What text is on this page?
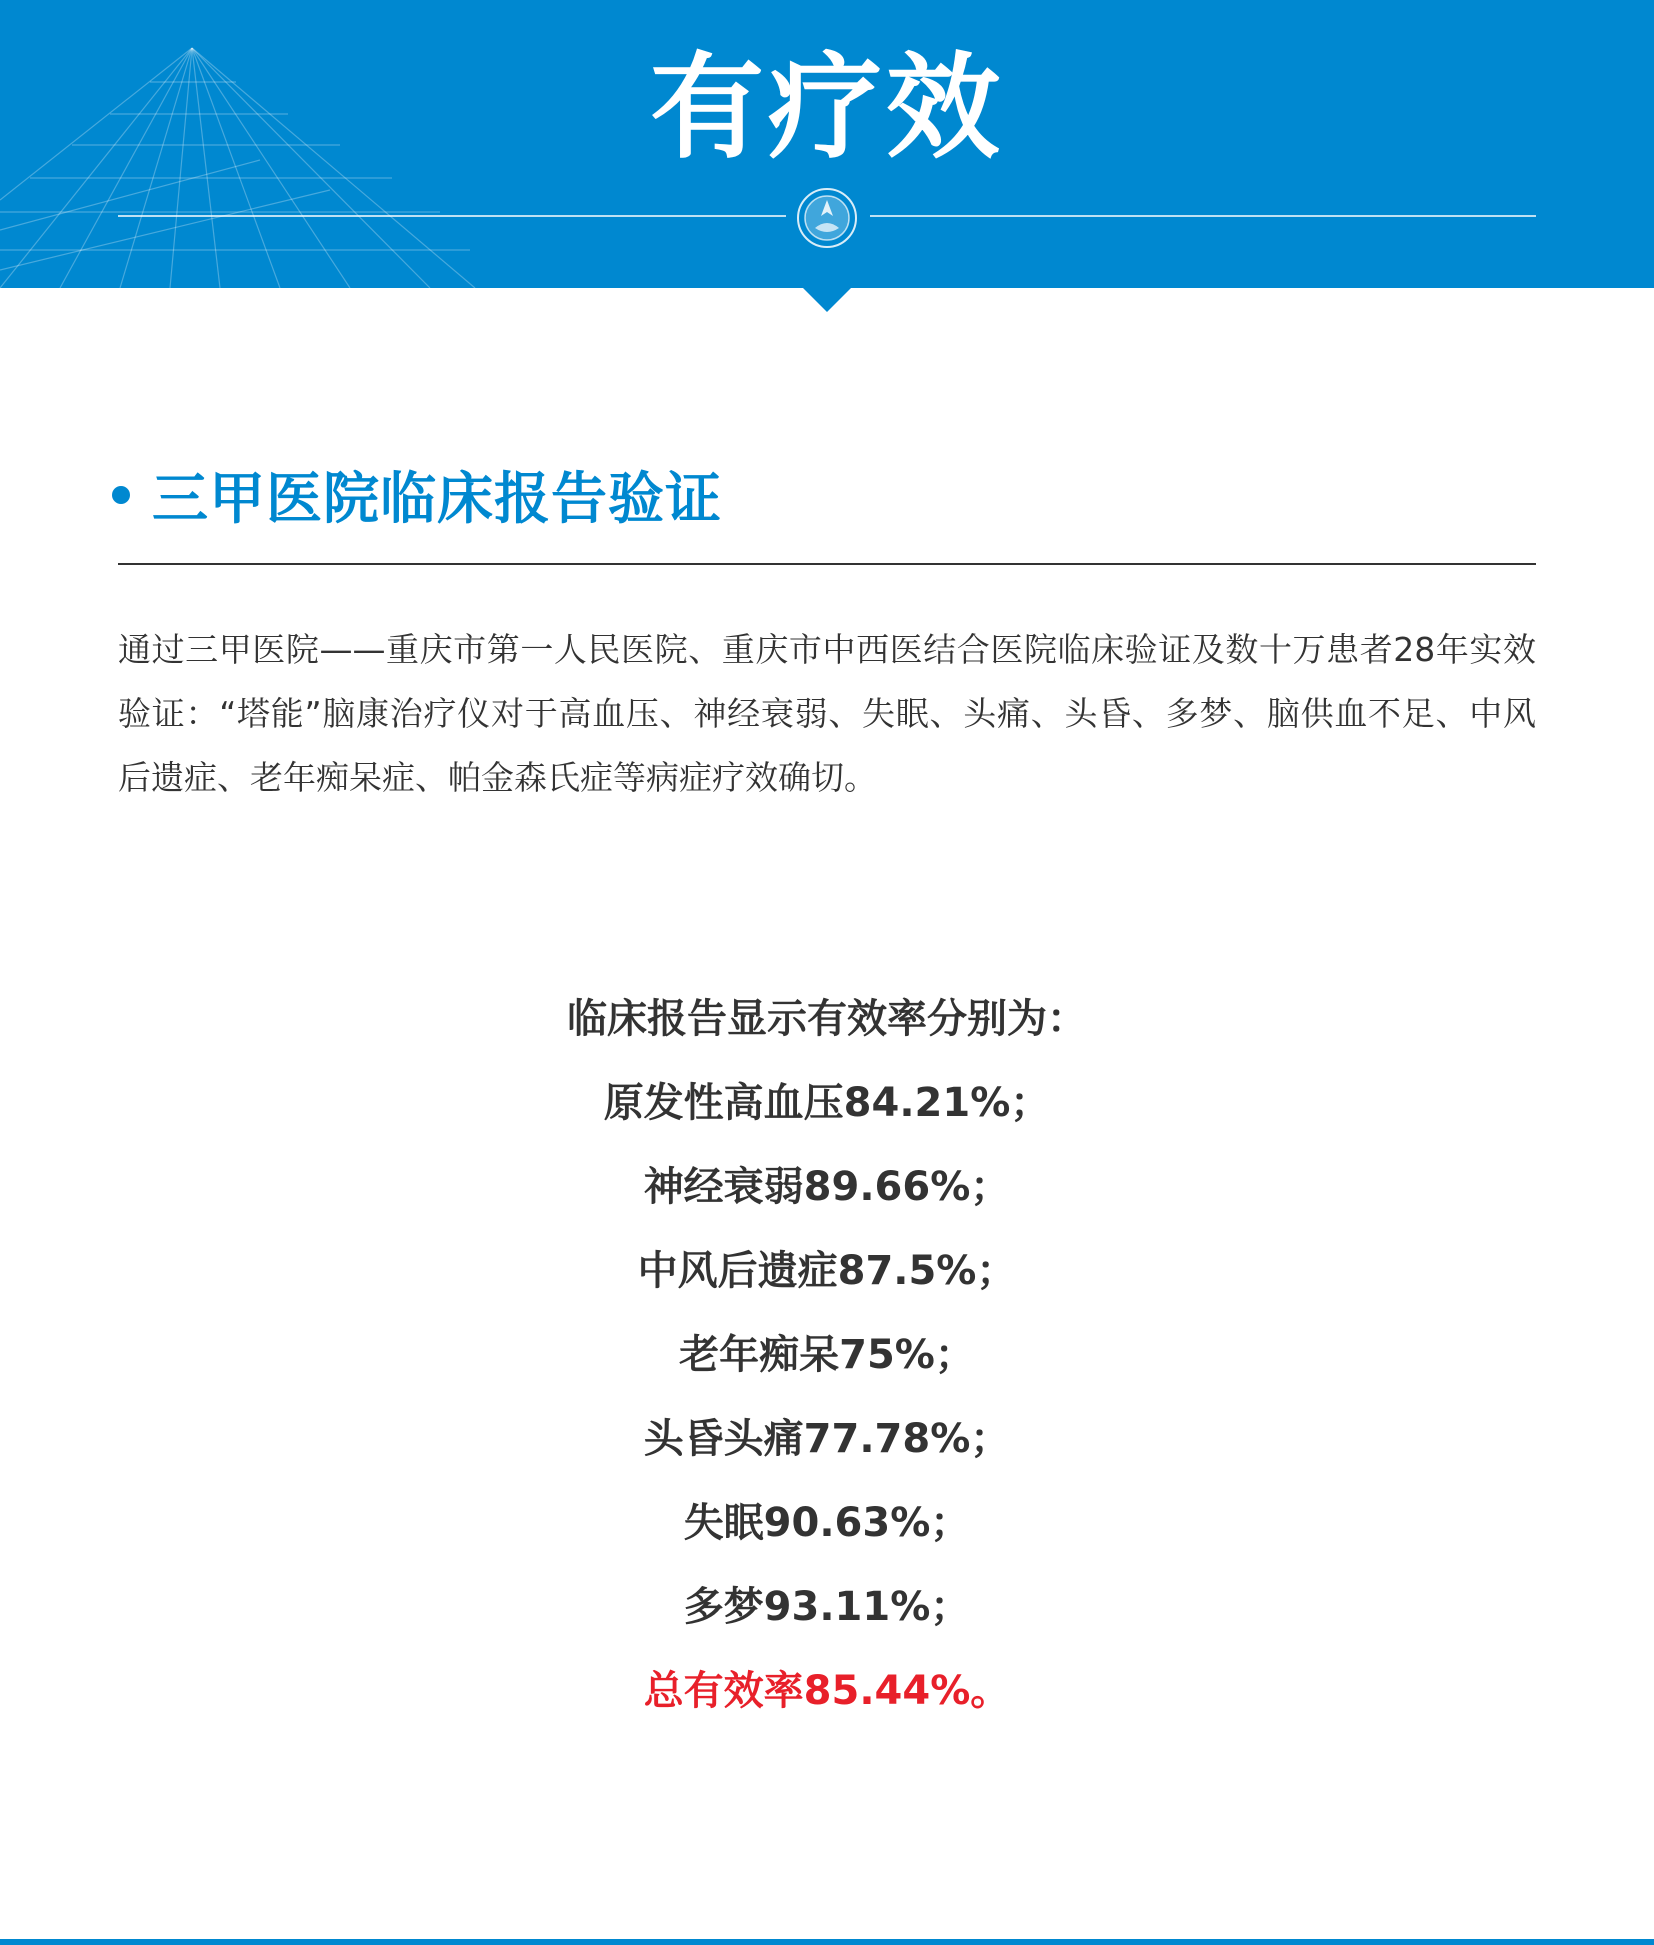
有疗效
三甲医院临床报告验证

通过三甲医院——重庆市第一人民医院、重庆市中西医结合医院临床验证及数十万患者28年实效验证：“塔能”脑康治疗仪对于高血压、神经衰弱、失眠、头痛、头昏、多梦、脑供血不足、中风后遗症、老年痴呆症、帕金森氏症等病症疗效确切。

临床报告显示有效率分别为：
原发性高血压84.21%；
神经衰弱89.66%；
中风后遗症87.5%；
老年痴呆75%；
头昏头痛77.78%；
失眠90.63%；
多梦93.11%；
总有效率85.44%。
